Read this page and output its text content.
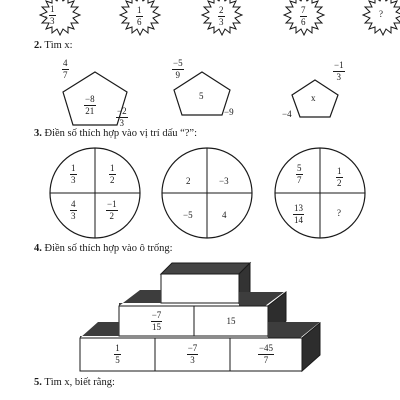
- $\frac{1}{3}$	$\frac{1}{6}$	$\frac{2}{3}$	$\frac{7}{6}$	?
2. Tìm x:
$\frac{4}{7}$
$\frac{-8}{21}$
$\frac{-2}{3}$
$\frac{-5}{9}$
5
−9
$\frac{-1}{3}$
x
−4
3. Điền số thích hợp vào vị trí dấu “?”:
$\frac{1}{3}$	$\frac{1}{2}$
$\frac{4}{3}$	$\frac{-1}{2}$
2	−3
−5	4
$\frac{5}{7}$	$\frac{1}{2}$
$\frac{13}{14}$	?
4. Điền số thích hợp vào ô trống:
$\frac{-7}{15}$	15
$\frac{1}{5}$	$\frac{-7}{3}$	$\frac{-45}{7}$
5. Tìm x, biết rằng:
